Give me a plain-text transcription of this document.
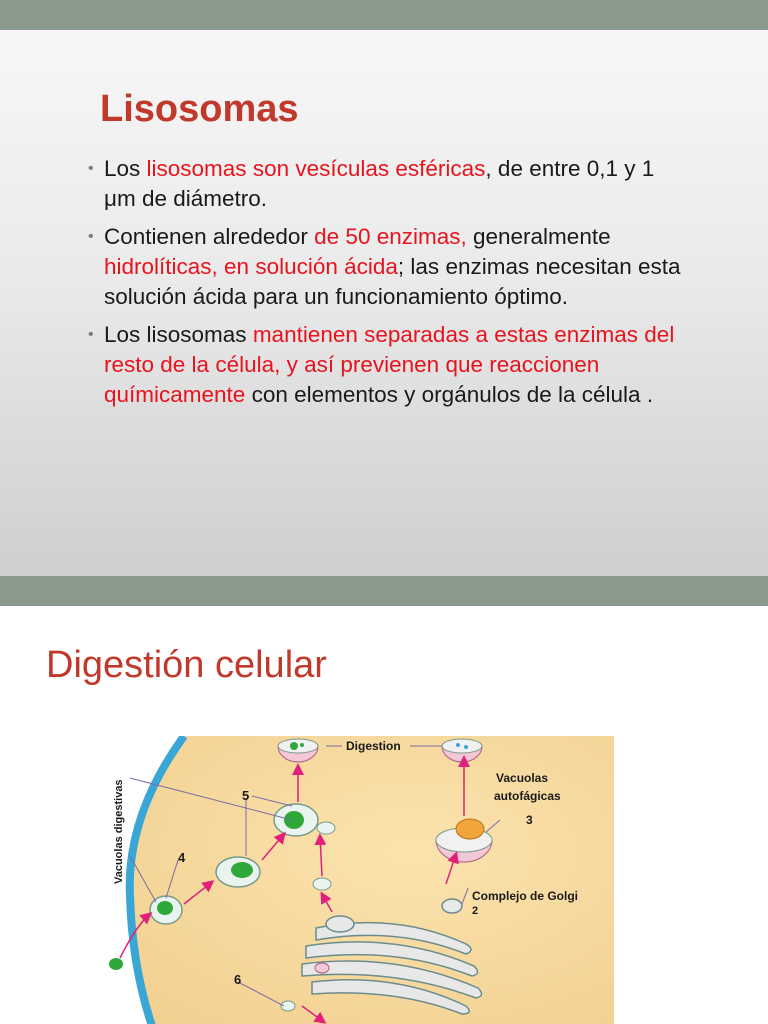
Lisosomas
• Los lisosomas son vesículas esféricas, de entre 0,1 y 1 μm de diámetro.
• Contienen alrededor de 50 enzimas, generalmente hidrolíticas, en solución ácida; las enzimas necesitan esta solución ácida para un funcionamiento óptimo.
• Los lisosomas mantienen separadas a estas enzimas del resto de la célula, y así previenen que reaccionen químicamente con elementos y orgánulos de la célula .
Digestión celular
Digestion
Vacuolas digestivas
Vacuolas
autofágicas
Complejo de Golgi
2
3
4
5
6
